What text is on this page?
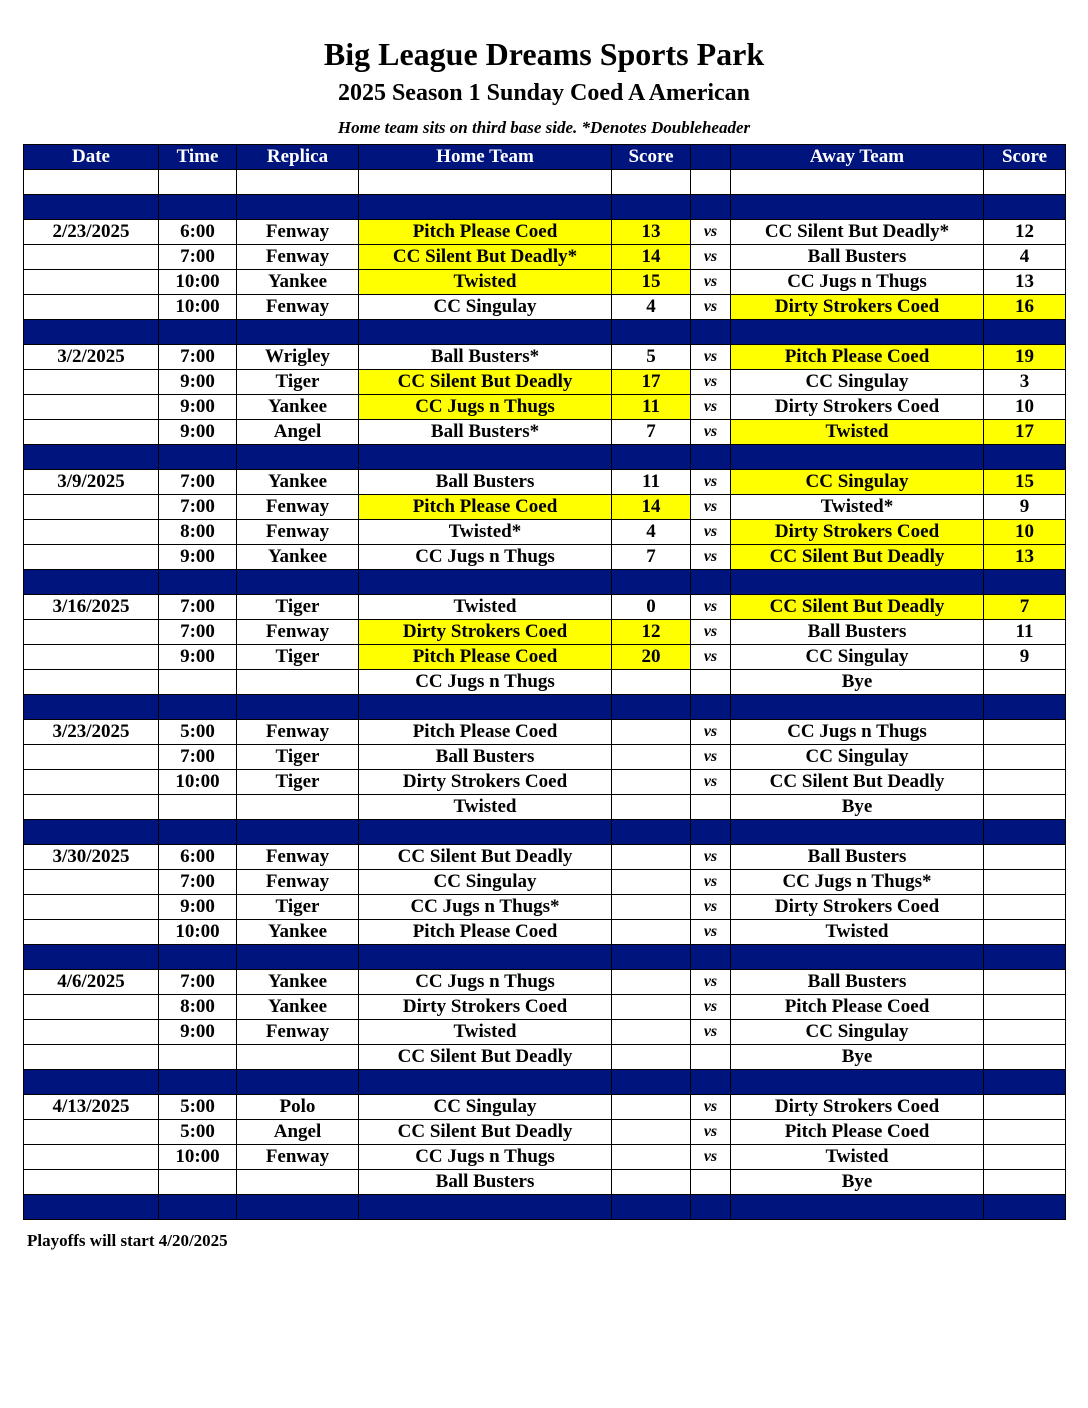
Big League Dreams Sports Park
2025 Season 1 Sunday Coed A American
Home team sits on third base side. *Denotes Doubleheader
Date	Time	Replica	Home Team	Score		Away Team	Score

2/23/2025	6:00	Fenway	Pitch Please Coed	13	vs	CC Silent But Deadly*	12
	7:00	Fenway	CC Silent But Deadly*	14	vs	Ball Busters	4
	10:00	Yankee	Twisted	15	vs	CC Jugs n Thugs	13
	10:00	Fenway	CC Singulay	4	vs	Dirty Strokers Coed	16

3/2/2025	7:00	Wrigley	Ball Busters*	5	vs	Pitch Please Coed	19
	9:00	Tiger	CC Silent But Deadly	17	vs	CC Singulay	3
	9:00	Yankee	CC Jugs n Thugs	11	vs	Dirty Strokers Coed	10
	9:00	Angel	Ball Busters*	7	vs	Twisted	17

3/9/2025	7:00	Yankee	Ball Busters	11	vs	CC Singulay	15
	7:00	Fenway	Pitch Please Coed	14	vs	Twisted*	9
	8:00	Fenway	Twisted*	4	vs	Dirty Strokers Coed	10
	9:00	Yankee	CC Jugs n Thugs	7	vs	CC Silent But Deadly	13

3/16/2025	7:00	Tiger	Twisted	0	vs	CC Silent But Deadly	7
	7:00	Fenway	Dirty Strokers Coed	12	vs	Ball Busters	11
	9:00	Tiger	Pitch Please Coed	20	vs	CC Singulay	9
			CC Jugs n Thugs			Bye	

3/23/2025	5:00	Fenway	Pitch Please Coed		vs	CC Jugs n Thugs	
	7:00	Tiger	Ball Busters		vs	CC Singulay	
	10:00	Tiger	Dirty Strokers Coed		vs	CC Silent But Deadly	
			Twisted			Bye	

3/30/2025	6:00	Fenway	CC Silent But Deadly		vs	Ball Busters	
	7:00	Fenway	CC Singulay		vs	CC Jugs n Thugs*	
	9:00	Tiger	CC Jugs n Thugs*		vs	Dirty Strokers Coed	
	10:00	Yankee	Pitch Please Coed		vs	Twisted	

4/6/2025	7:00	Yankee	CC Jugs n Thugs		vs	Ball Busters	
	8:00	Yankee	Dirty Strokers Coed		vs	Pitch Please Coed	
	9:00	Fenway	Twisted		vs	CC Singulay	
			CC Silent But Deadly			Bye	

4/13/2025	5:00	Polo	CC Singulay		vs	Dirty Strokers Coed	
	5:00	Angel	CC Silent But Deadly		vs	Pitch Please Coed	
	10:00	Fenway	CC Jugs n Thugs		vs	Twisted	
			Ball Busters			Bye	

Playoffs will start 4/20/2025
